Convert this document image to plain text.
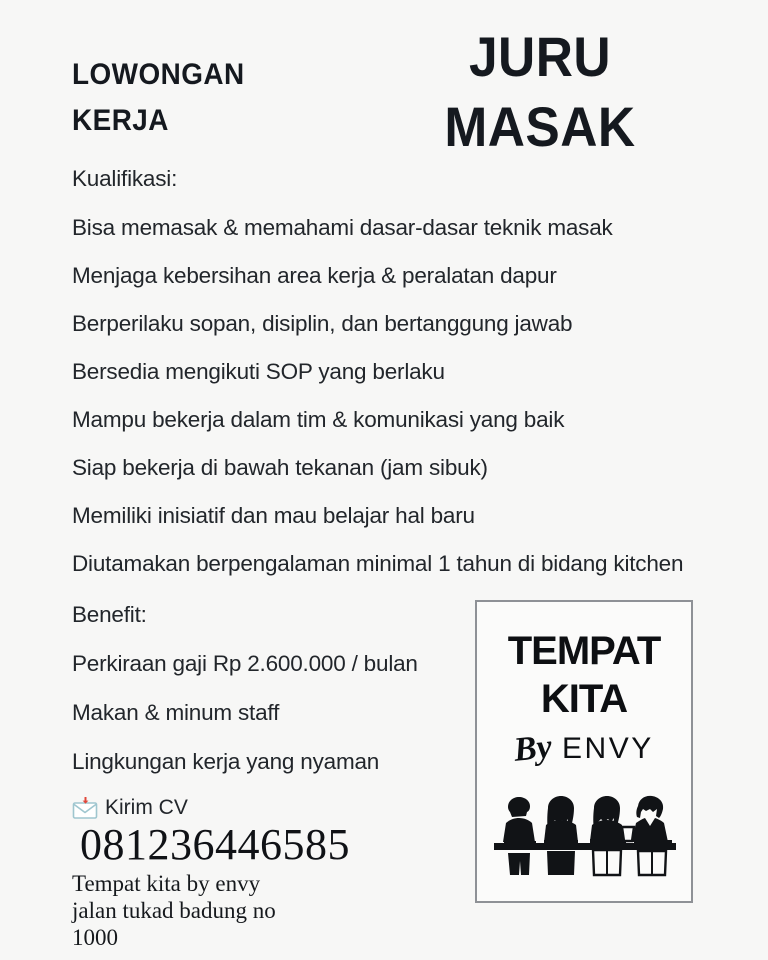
LOWONGAN
KERJA
JURU
MASAK

Kualifikasi:

Bisa memasak & memahami dasar-dasar teknik masak
Menjaga kebersihan area kerja & peralatan dapur
Berperilaku sopan, disiplin, dan bertanggung jawab
Bersedia mengikuti SOP yang berlaku
Mampu bekerja dalam tim & komunikasi yang baik
Siap bekerja di bawah tekanan (jam sibuk)
Memiliki inisiatif dan mau belajar hal baru
Diutamakan berpengalaman minimal 1 tahun di bidang kitchen

Benefit:

Perkiraan gaji Rp 2.600.000 / bulan
Makan & minum staff
Lingkungan kerja yang nyaman
Kirim CV
081236446585
Tempat kita by envy
jalan tukad badung no
1000
TEMPAT
KITA
By ENVY
